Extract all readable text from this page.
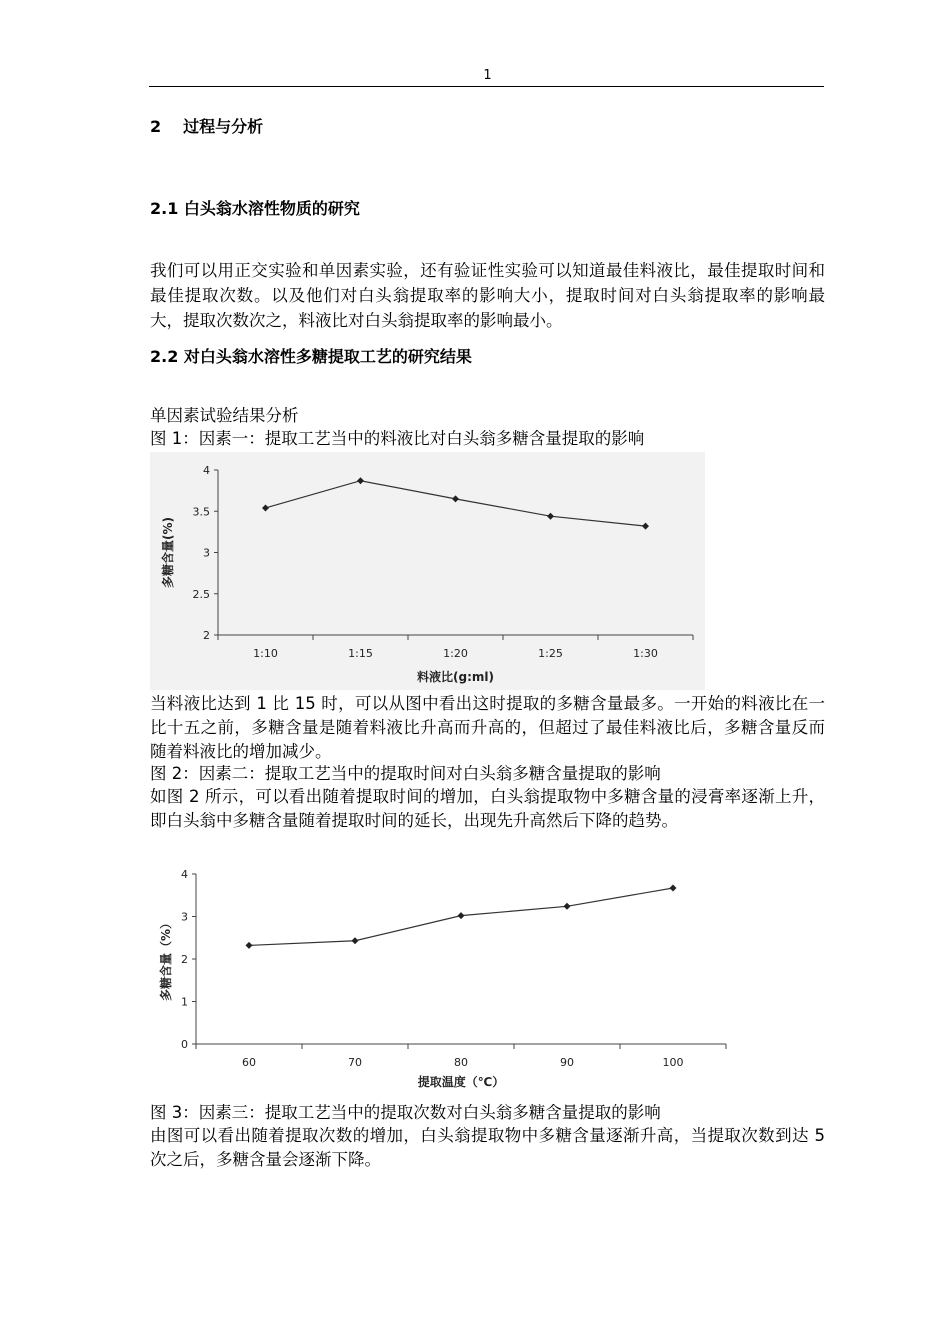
1
2 过程与分析
2.1 白头翁水溶性物质的研究
我们可以用正交实验和单因素实验，还有验证性实验可以知道最佳料液比，最佳提取时间和最佳提取次数。以及他们对白头翁提取率的影响大小，提取时间对白头翁提取率的影响最大，提取次数次之，料液比对白头翁提取率的影响最小。
2.2 对白头翁水溶性多糖提取工艺的研究结果
单因素试验结果分析
图 1：因素一：提取工艺当中的料液比对白头翁多糖含量提取的影响
2
2.5
3
3.5
4
1:10	1:15	1:20	1:25	1:30
料液比(g:ml)
多糖含量(%)
当料液比达到 1 比 15 时，可以从图中看出这时提取的多糖含量最多。一开始的料液比在一比十五之前，多糖含量是随着料液比升高而升高的，但超过了最佳料液比后，多糖含量反而随着料液比的增加减少。
图 2：因素二：提取工艺当中的提取时间对白头翁多糖含量提取的影响
如图 2 所示，可以看出随着提取时间的增加，白头翁提取物中多糖含量的浸膏率逐渐上升，即白头翁中多糖含量随着提取时间的延长，出现先升高然后下降的趋势。
0
1
2
3
4
60	70	80	90	100
提取温度（℃）
多糖含量（%）
图 3：因素三：提取工艺当中的提取次数对白头翁多糖含量提取的影响
由图可以看出随着提取次数的增加，白头翁提取物中多糖含量逐渐升高，当提取次数到达 5 次之后，多糖含量会逐渐下降。
